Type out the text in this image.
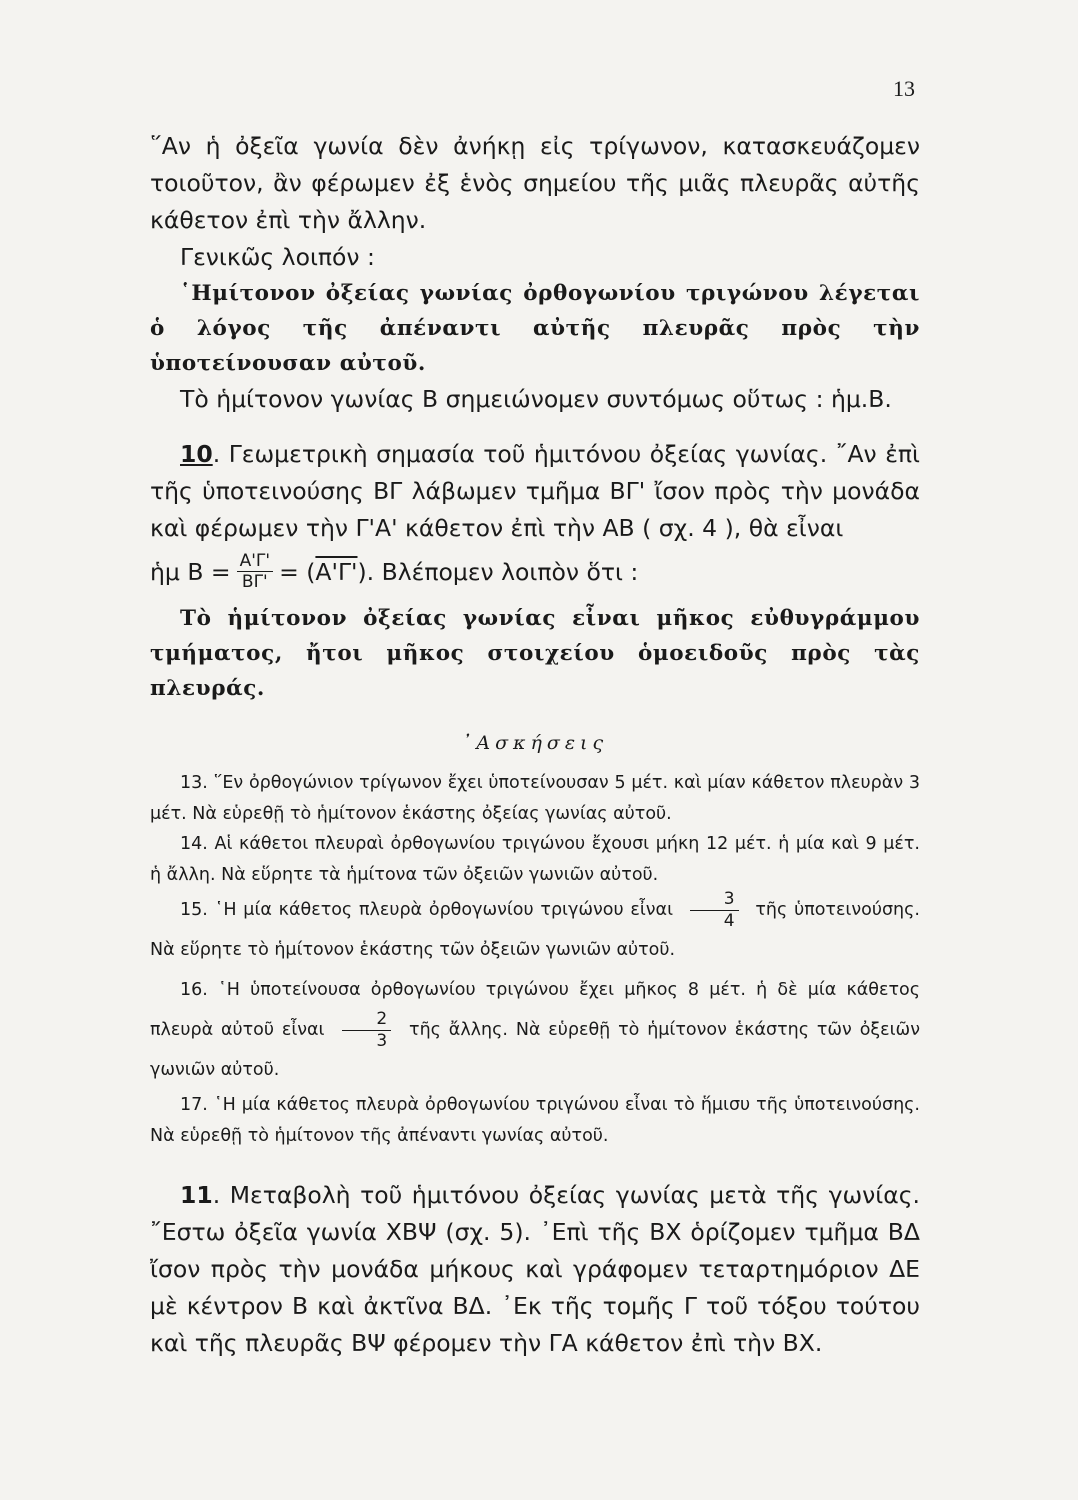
13

῞Αν ἡ ὀξεῖα γωνία δὲν ἀνήκῃ εἰς τρίγωνον, κατασκευάζομεν τοιοῦτον, ἂν φέρωμεν ἐξ ἑνὸς σημείου τῆς μιᾶς πλευρᾶς αὐτῆς κάθετον ἐπὶ τὴν ἄλλην.

Γενικῶς λοιπόν :

῾Ημίτονον ὀξείας γωνίας ὀρθογωνίου τριγώνου λέγεται ὁ λόγος τῆς ἀπέναντι αὐτῆς πλευρᾶς πρὸς τὴν ὑποτείνουσαν αὐτοῦ.

Τὸ ἡμίτονον γωνίας Β σημειώνομεν συντόμως οὕτως : ἡμ.Β.

10. Γεωμετρικὴ σημασία τοῦ ἡμιτόνου ὀξείας γωνίας. ῎Αν ἐπὶ τῆς ὑποτεινούσης ΒΓ λάβωμεν τμῆμα ΒΓ' ἴσον πρὸς τὴν μονάδα καὶ φέρωμεν τὴν Γ'Α' κάθετον ἐπὶ τὴν ΑΒ ( σχ. 4 ), θὰ εἶναι

ἡμ $B = \frac{A'\Gamma'}{B\Gamma'}$ = ( Α'Γ' ). Βλέπομεν λοιπὸν ὅτι :

Τὸ ἡμίτονον ὀξείας γωνίας εἶναι μῆκος εὐθυγράμμου τμήματος, ἤτοι μῆκος στοιχείου ὁμοειδοῦς πρὸς τὰς πλευράς.

᾿Ασκήσεις

13. ῞Εν ὀρθογώνιον τρίγωνον ἔχει ὑποτείνουσαν 5 μέτ. καὶ μίαν κάθετον πλευρὰν 3 μέτ. Νὰ εὑρεθῇ τὸ ἡμίτονον ἑκάστης ὀξείας γωνίας αὐτοῦ.

14. Αἱ κάθετοι πλευραὶ ὀρθογωνίου τριγώνου ἔχουσι μήκη 12 μέτ. ἡ μία καὶ 9 μέτ. ἡ ἄλλη. Νὰ εὕρητε τὰ ἡμίτονα τῶν ὀξειῶν γωνιῶν αὐτοῦ.

15. ῾Η μία κάθετος πλευρὰ ὀρθογωνίου τριγώνου εἶναι $\frac{3}{4}$ τῆς ὑποτεινούσης. Νὰ εὕρητε τὸ ἡμίτονον ἑκάστης τῶν ὀξειῶν γωνιῶν αὐτοῦ.

16. ῾Η ὑποτείνουσα ὀρθογωνίου τριγώνου ἔχει μῆκος 8 μέτ. ἡ δὲ μία κάθετος πλευρὰ αὐτοῦ εἶναι $\frac{2}{3}$ τῆς ἄλλης. Νὰ εὑρεθῇ τὸ ἡμίτονον ἑκάστης τῶν ὀξειῶν γωνιῶν αὐτοῦ.

17. ῾Η μία κάθετος πλευρὰ ὀρθογωνίου τριγώνου εἶναι τὸ ἥμισυ τῆς ὑποτεινούσης. Νὰ εὑρεθῇ τὸ ἡμίτονον τῆς ἀπέναντι γωνίας αὐτοῦ.

11. Μεταβολὴ τοῦ ἡμιτόνου ὀξείας γωνίας μετὰ τῆς γωνίας. ῎Εστω ὀξεῖα γωνία ΧΒΨ (σχ. 5). ᾿Επὶ τῆς ΒΧ ὁρίζομεν τμῆμα ΒΔ ἴσον πρὸς τὴν μονάδα μήκους καὶ γράφομεν τεταρτημόριον ΔΕ μὲ κέντρον Β καὶ ἀκτῖνα ΒΔ. ᾿Εκ τῆς τομῆς Γ τοῦ τόξου τούτου καὶ τῆς πλευρᾶς ΒΨ φέρομεν τὴν ΓΑ κάθετον ἐπὶ τὴν ΒΧ.
